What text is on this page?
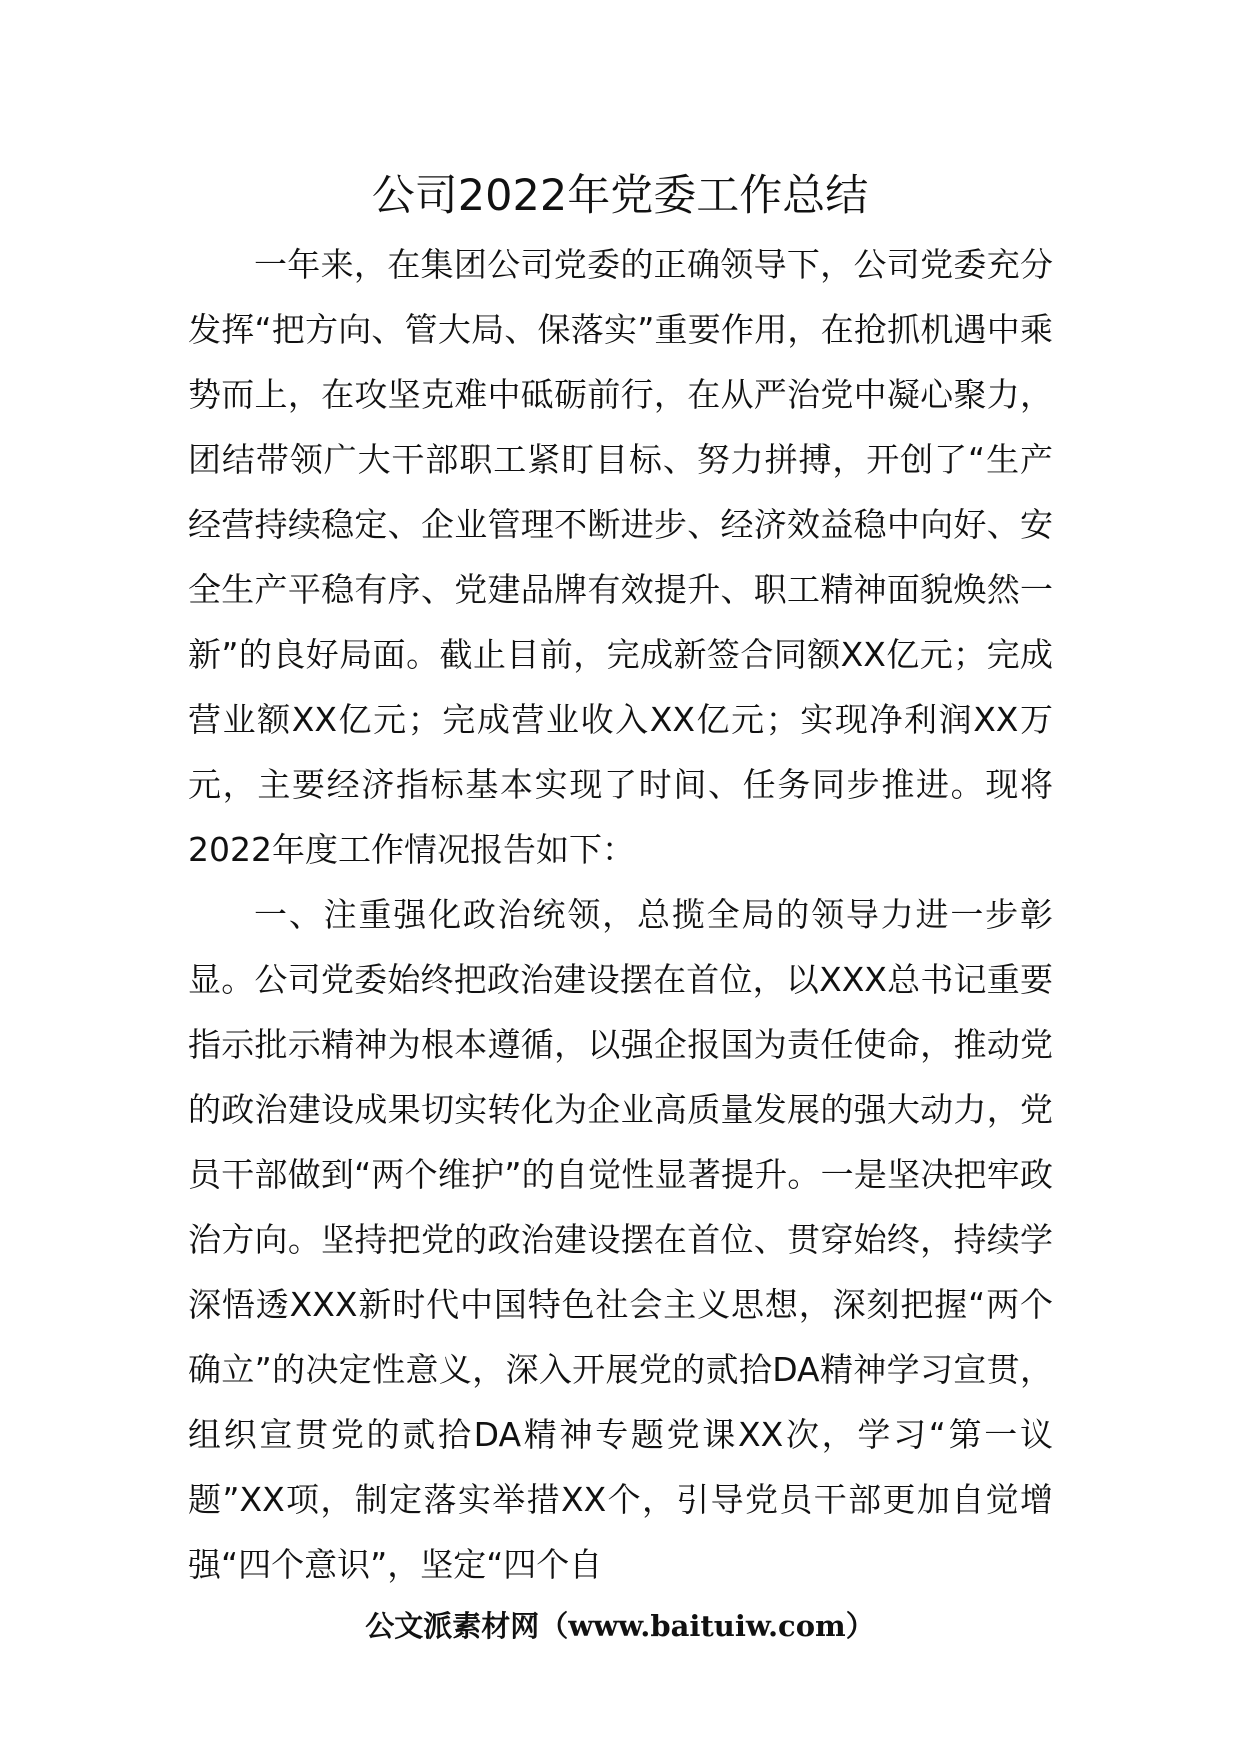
公司2022年党委工作总结

一年来，在集团公司党委的正确领导下，公司党委充分发挥“把方向、管大局、保落实”重要作用，在抢抓机遇中乘势而上，在攻坚克难中砥砺前行，在从严治党中凝心聚力，团结带领广大干部职工紧盯目标、努力拼搏，开创了“生产经营持续稳定、企业管理不断进步、经济效益稳中向好、安全生产平稳有序、党建品牌有效提升、职工精神面貌焕然一新”的良好局面。截止目前，完成新签合同额XX亿元；完成营业额XX亿元；完成营业收入XX亿元；实现净利润XX万元，主要经济指标基本实现了时间、任务同步推进。现将2022年度工作情况报告如下：

一、注重强化政治统领，总揽全局的领导力进一步彰显。公司党委始终把政治建设摆在首位，以XXX总书记重要指示批示精神为根本遵循，以强企报国为责任使命，推动党的政治建设成果切实转化为企业高质量发展的强大动力，党员干部做到“两个维护”的自觉性显著提升。一是坚决把牢政治方向。坚持把党的政治建设摆在首位、贯穿始终，持续学深悟透XXX新时代中国特色社会主义思想，深刻把握“两个确立”的决定性意义，深入开展党的贰拾DA精神学习宣贯，组织宣贯党的贰拾DA精神专题党课XX次，学习“第一议题”XX项，制定落实举措XX个，引导党员干部更加自觉增强“四个意识”，坚定“四个自

公文派素材网（www.baituiw.com）
